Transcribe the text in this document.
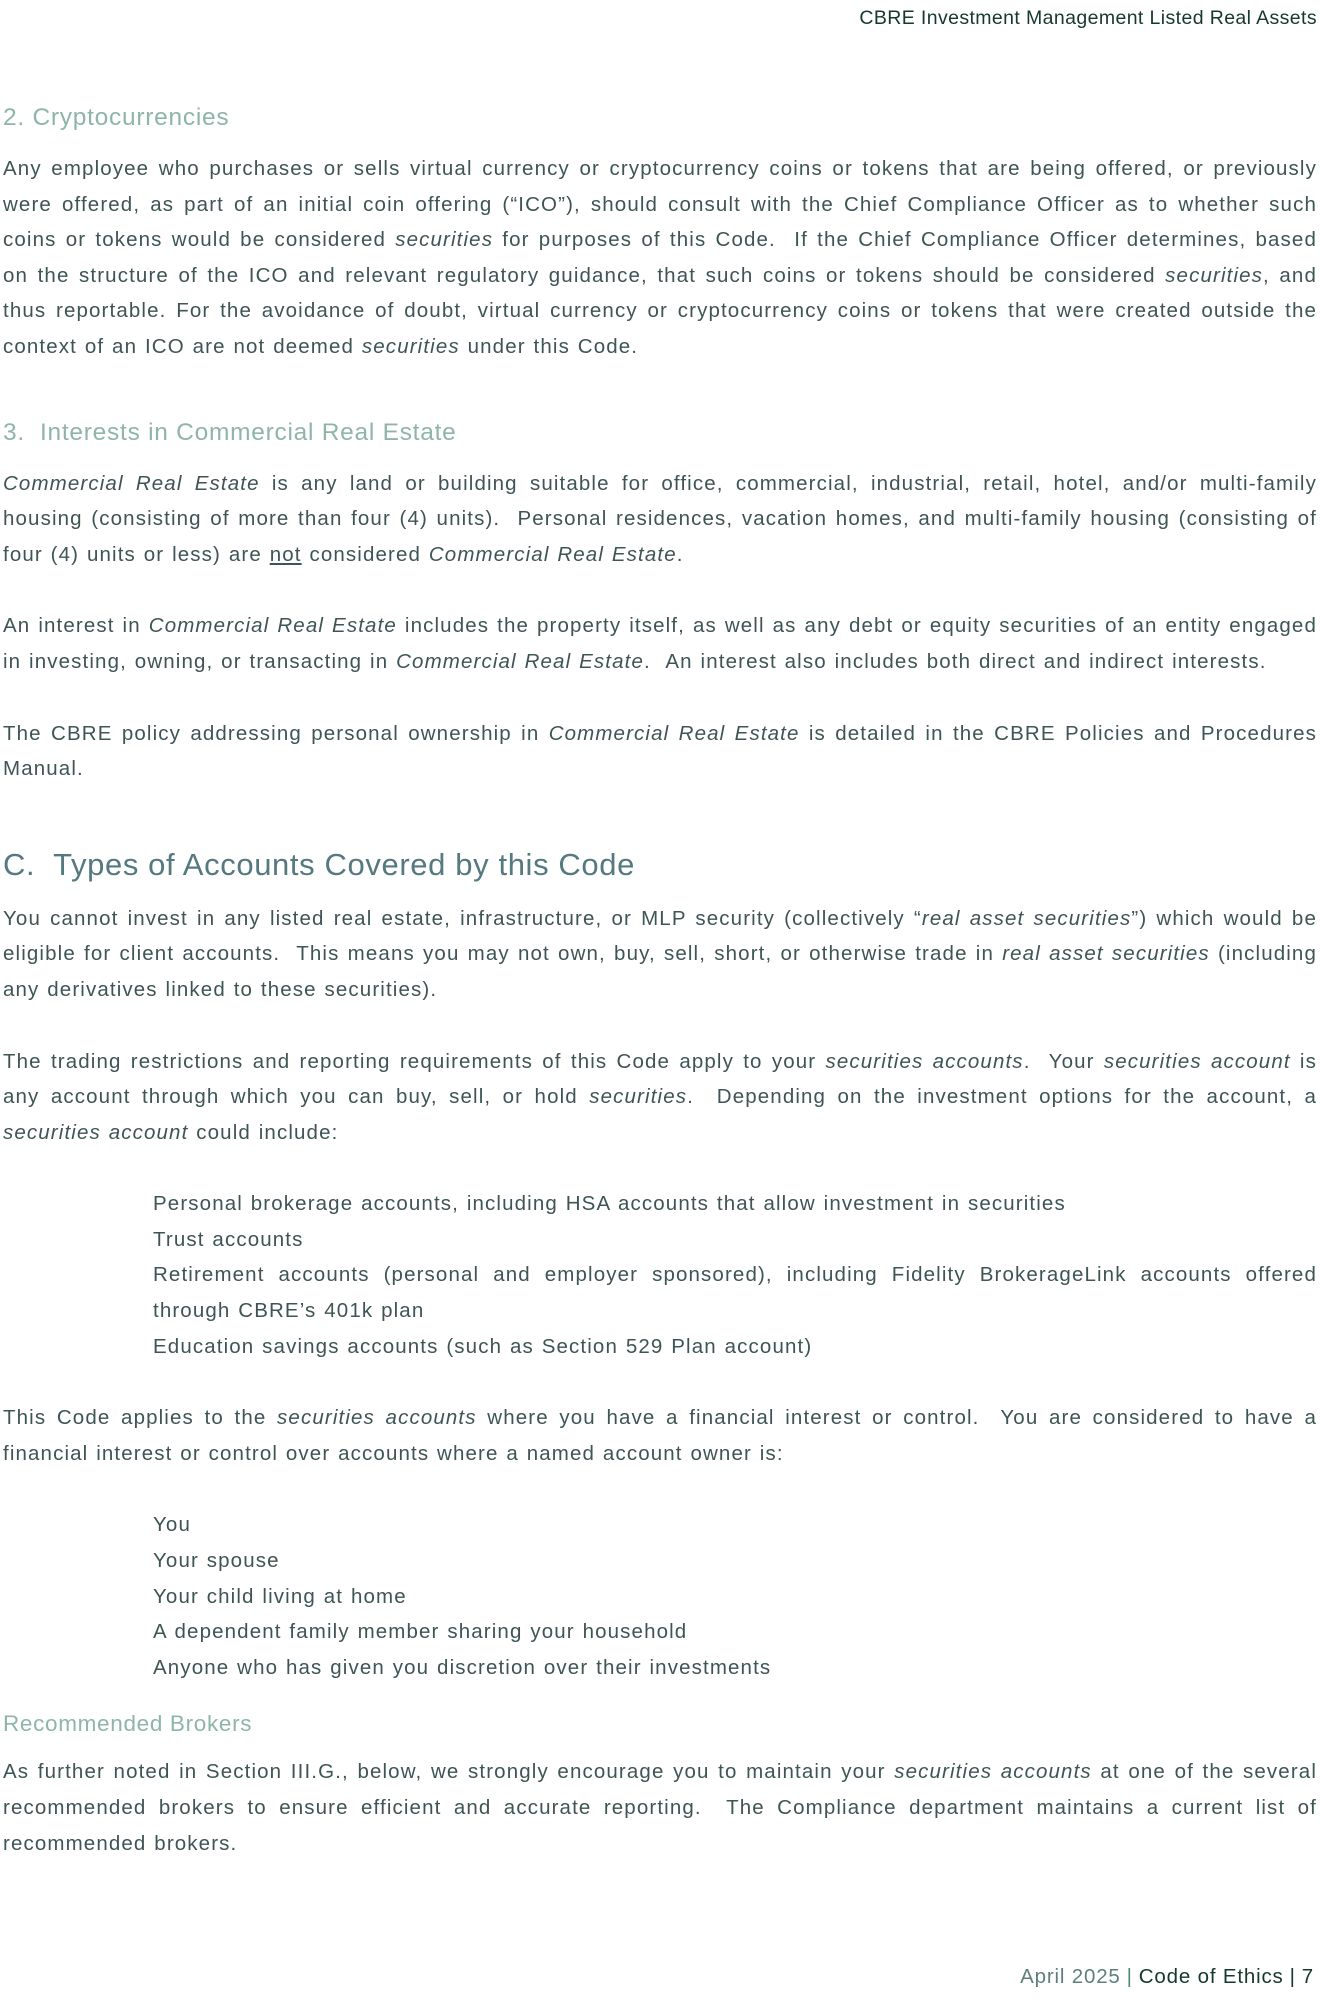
CBRE Investment Management Listed Real Assets
2. Cryptocurrencies

Any employee who purchases or sells virtual currency or cryptocurrency coins or tokens that are being offered, or previously were offered, as part of an initial coin offering (“ICO”), should consult with the Chief Compliance Officer as to whether such coins or tokens would be considered securities for purposes of this Code.  If the Chief Compliance Officer determines, based on the structure of the ICO and relevant regulatory guidance, that such coins or tokens should be considered securities, and thus reportable. For the avoidance of doubt, virtual currency or cryptocurrency coins or tokens that were created outside the context of an ICO are not deemed securities under this Code.

3.  Interests in Commercial Real Estate

Commercial Real Estate is any land or building suitable for office, commercial, industrial, retail, hotel, and/or multi-family housing (consisting of more than four (4) units).  Personal residences, vacation homes, and multi-family housing (consisting of four (4) units or less) are not considered Commercial Real Estate.

An interest in Commercial Real Estate includes the property itself, as well as any debt or equity securities of an entity engaged in investing, owning, or transacting in Commercial Real Estate.  An interest also includes both direct and indirect interests.

The CBRE policy addressing personal ownership in Commercial Real Estate is detailed in the CBRE Policies and Procedures Manual.

C.  Types of Accounts Covered by this Code

You cannot invest in any listed real estate, infrastructure, or MLP security (collectively “real asset securities”) which would be eligible for client accounts.  This means you may not own, buy, sell, short, or otherwise trade in real asset securities (including any derivatives linked to these securities).

The trading restrictions and reporting requirements of this Code apply to your securities accounts.  Your securities account is any account through which you can buy, sell, or hold securities.  Depending on the investment options for the account, a securities account could include:

Personal brokerage accounts, including HSA accounts that allow investment in securities
Trust accounts
Retirement accounts (personal and employer sponsored), including Fidelity BrokerageLink accounts offered through CBRE’s 401k plan
Education savings accounts (such as Section 529 Plan account)

This Code applies to the securities accounts where you have a financial interest or control.  You are considered to have a financial interest or control over accounts where a named account owner is:

You
Your spouse
Your child living at home
A dependent family member sharing your household
Anyone who has given you discretion over their investments
Recommended Brokers

As further noted in Section III.G., below, we strongly encourage you to maintain your securities accounts at one of the several recommended brokers to ensure efficient and accurate reporting.  The Compliance department maintains a current list of recommended brokers.

April 2025 | Code of Ethics | 7
